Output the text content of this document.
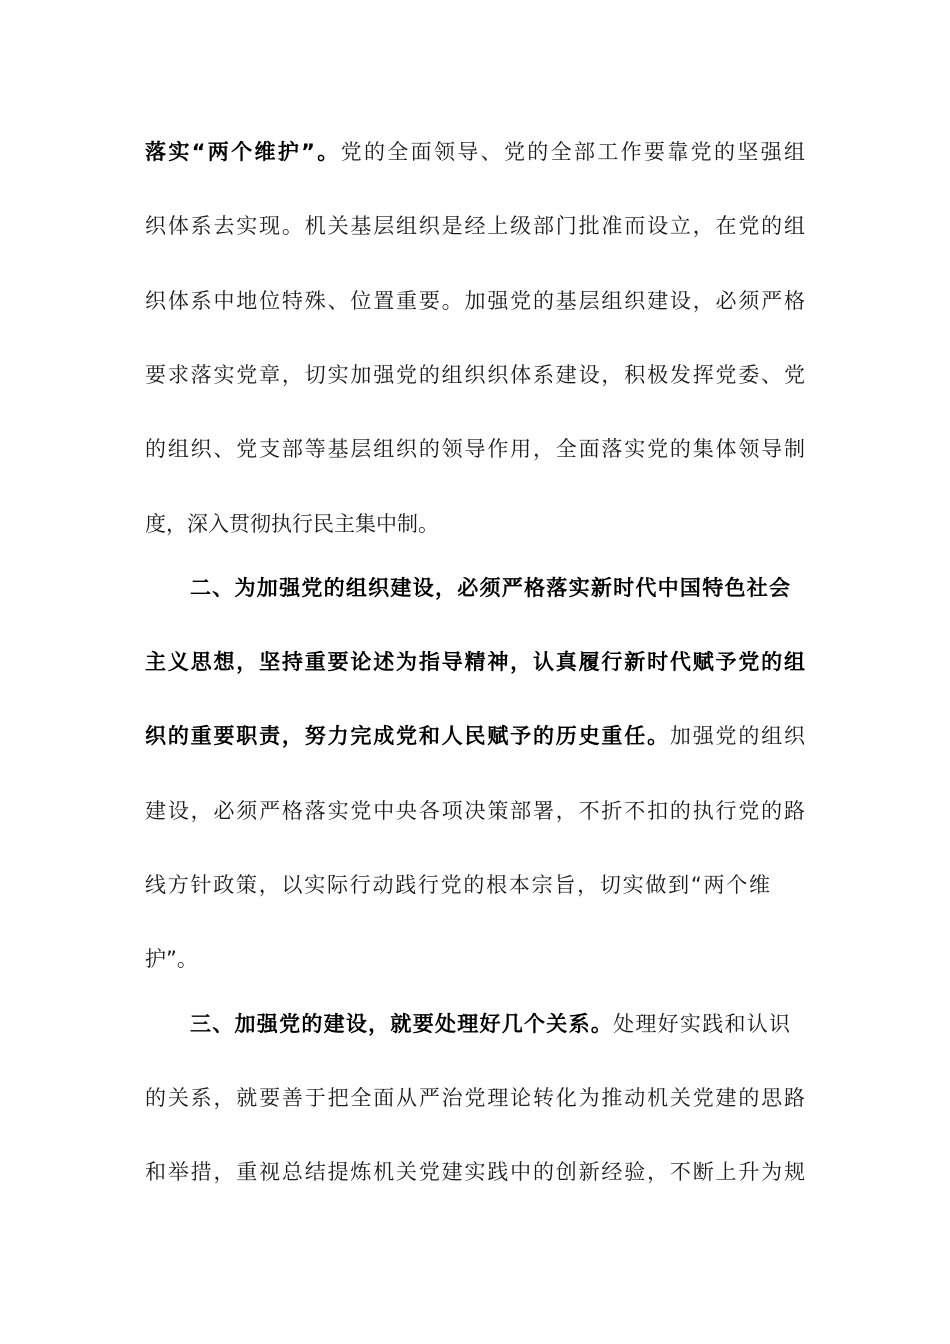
落实“两个维护”。党的全面领导、党的全部工作要靠党的坚强组
织体系去实现。机关基层组织是经上级部门批准而设立，在党的组
织体系中地位特殊、位置重要。加强党的基层组织建设，必须严格
要求落实党章，切实加强党的组织织体系建设，积极发挥党委、党
的组织、党支部等基层组织的领导作用，全面落实党的集体领导制
度，深入贯彻执行民主集中制。
二、为加强党的组织建设，必须严格落实新时代中国特色社会
主义思想，坚持重要论述为指导精神，认真履行新时代赋予党的组
织的重要职责，努力完成党和人民赋予的历史重任。加强党的组织
建设，必须严格落实党中央各项决策部署，不折不扣的执行党的路
线方针政策，以实际行动践行党的根本宗旨，切实做到“两个维
护”。
三、加强党的建设，就要处理好几个关系。处理好实践和认识
的关系，就要善于把全面从严治党理论转化为推动机关党建的思路
和举措，重视总结提炼机关党建实践中的创新经验，不断上升为规
